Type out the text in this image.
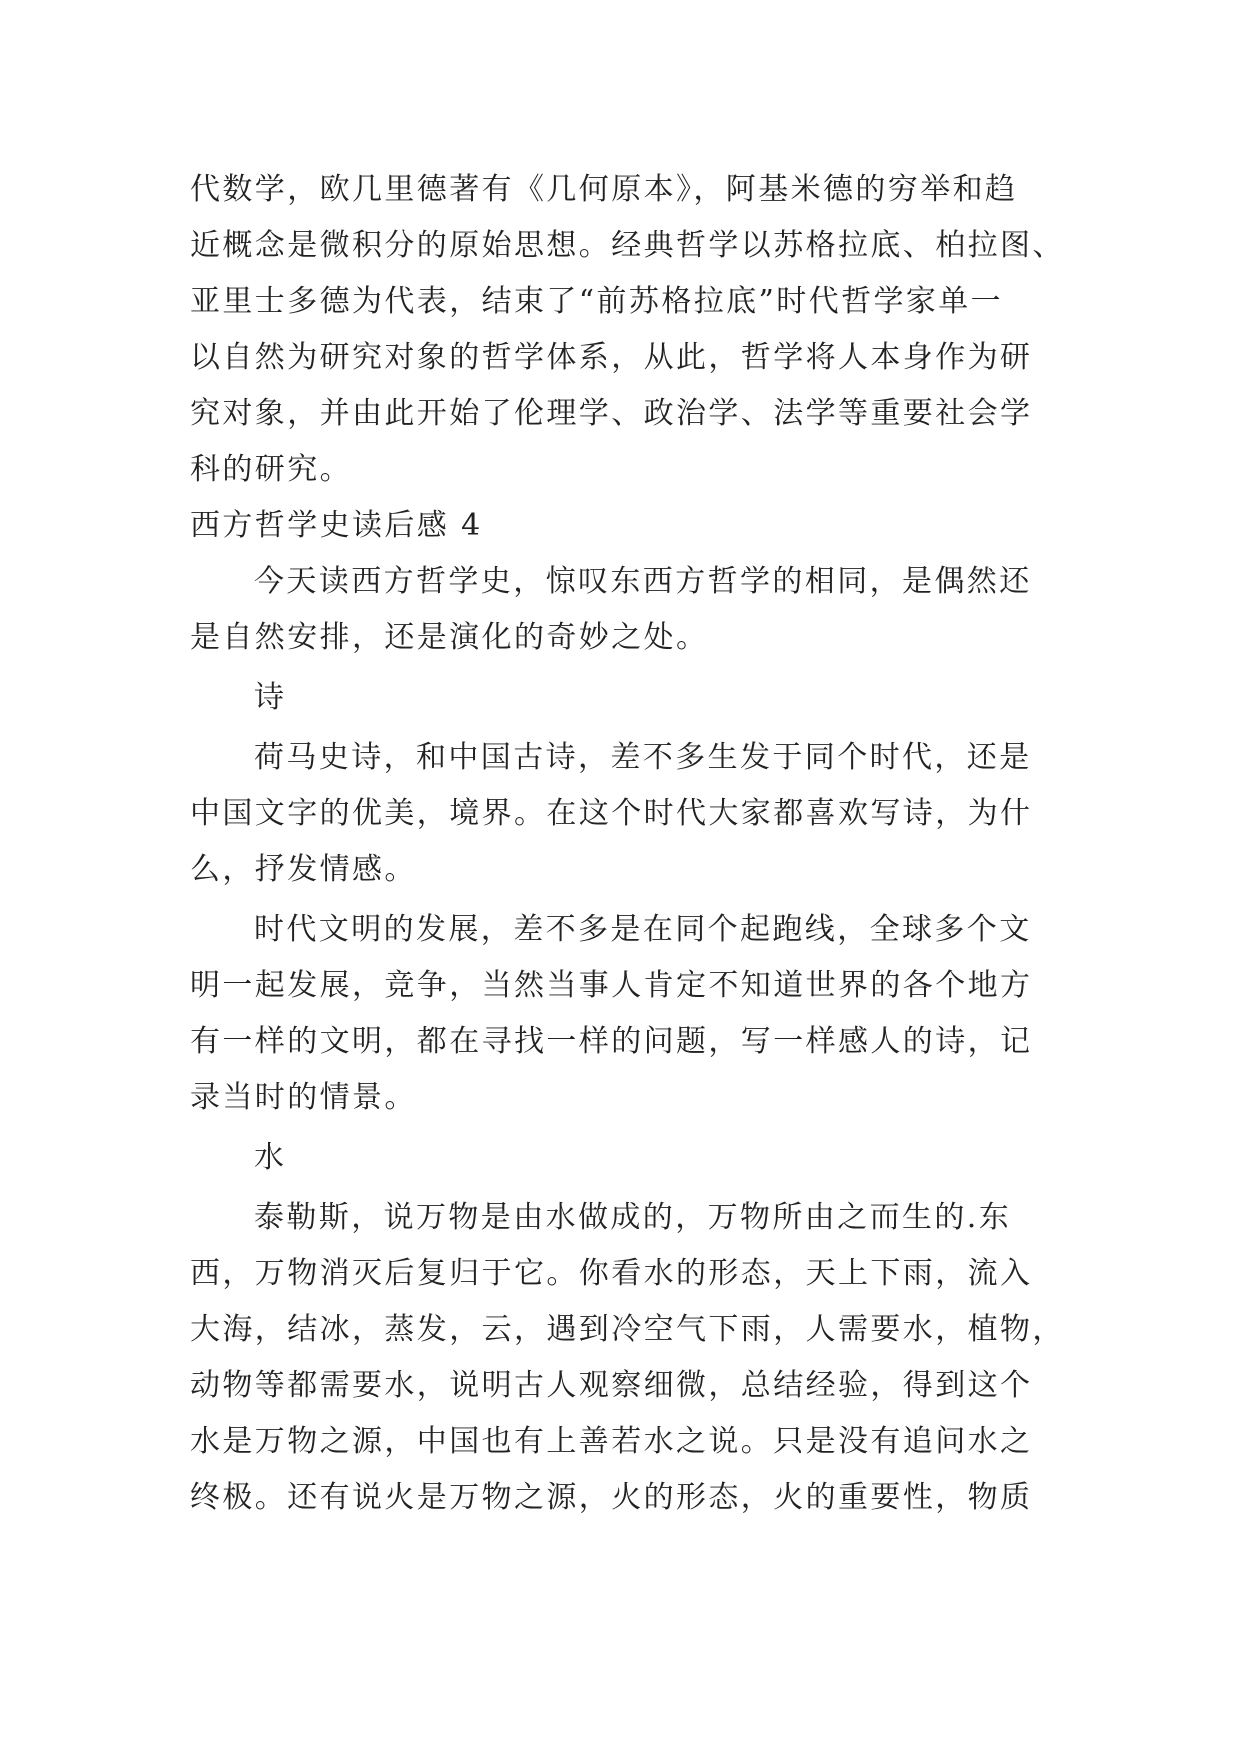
代数学，欧几里德著有《几何原本》，阿基米德的穷举和趋
近概念是微积分的原始思想。经典哲学以苏格拉底、柏拉图、
亚里士多德为代表，结束了“前苏格拉底”时代哲学家单一
以自然为研究对象的哲学体系，从此，哲学将人本身作为研
究对象，并由此开始了伦理学、政治学、法学等重要社会学
科的研究。
西方哲学史读后感 4
今天读西方哲学史，惊叹东西方哲学的相同，是偶然还
是自然安排，还是演化的奇妙之处。
诗
荷马史诗，和中国古诗，差不多生发于同个时代，还是
中国文字的优美，境界。在这个时代大家都喜欢写诗，为什
么，抒发情感。
时代文明的发展，差不多是在同个起跑线，全球多个文
明一起发展，竞争，当然当事人肯定不知道世界的各个地方
有一样的文明，都在寻找一样的问题，写一样感人的诗，记
录当时的情景。
水
泰勒斯，说万物是由水做成的，万物所由之而生的.东
西，万物消灭后复归于它。你看水的形态，天上下雨，流入
大海，结冰，蒸发，云，遇到冷空气下雨，人需要水，植物，
动物等都需要水，说明古人观察细微，总结经验，得到这个
水是万物之源，中国也有上善若水之说。只是没有追问水之
终极。还有说火是万物之源，火的形态，火的重要性，物质
